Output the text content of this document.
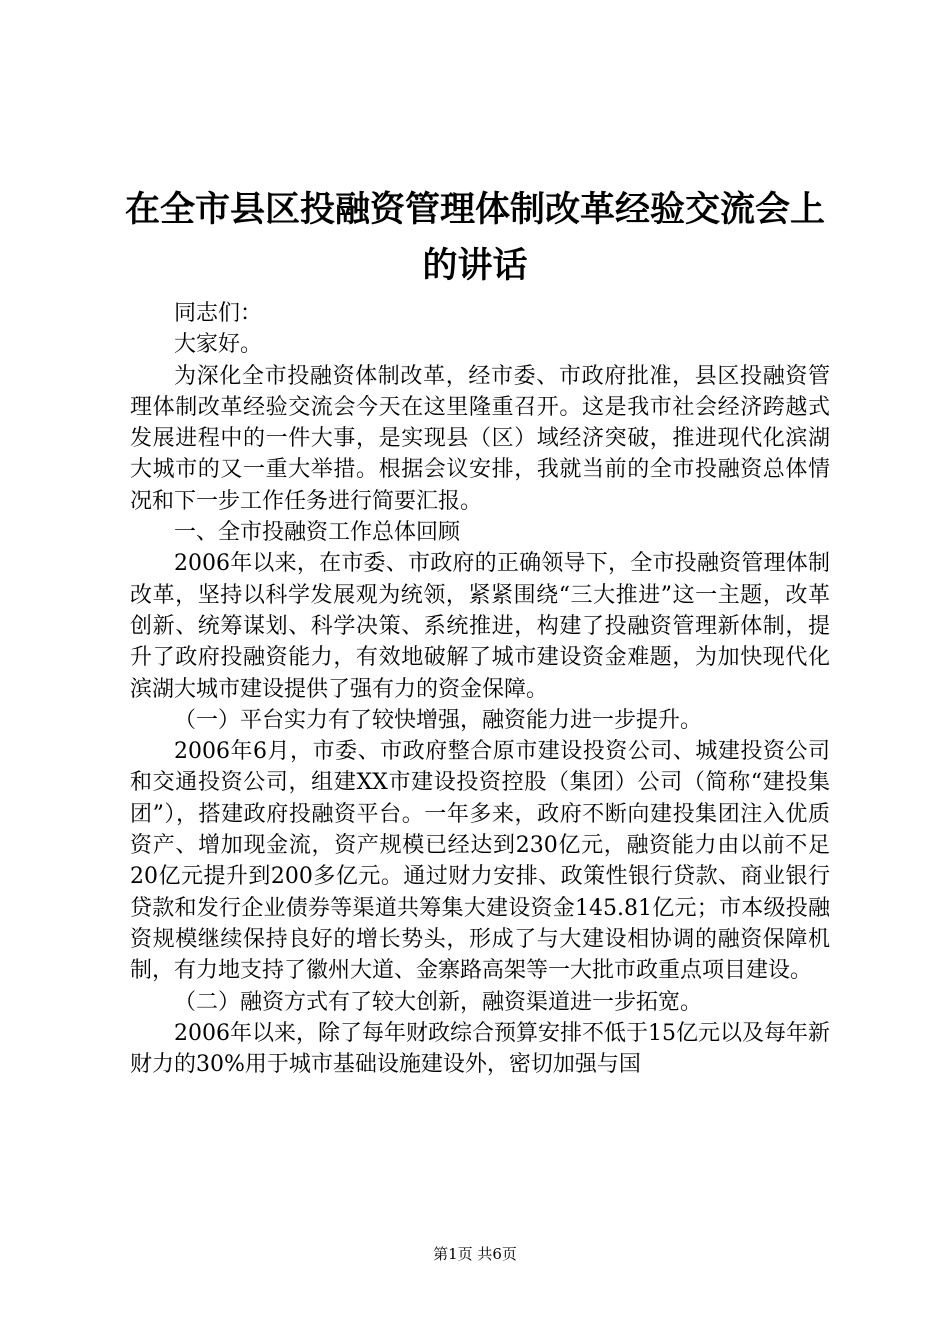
在全市县区投融资管理体制改革经验交流会上的讲话

同志们：

大家好。

为深化全市投融资体制改革，经市委、市政府批准，县区投融资管理体制改革经验交流会今天在这里隆重召开。这是我市社会经济跨越式发展进程中的一件大事，是实现县（区）域经济突破，推进现代化滨湖大城市的又一重大举措。根据会议安排，我就当前的全市投融资总体情况和下一步工作任务进行简要汇报。

一、全市投融资工作总体回顾

2006年以来，在市委、市政府的正确领导下，全市投融资管理体制改革，坚持以科学发展观为统领，紧紧围绕“三大推进”这一主题，改革创新、统筹谋划、科学决策、系统推进，构建了投融资管理新体制，提升了政府投融资能力，有效地破解了城市建设资金难题，为加快现代化滨湖大城市建设提供了强有力的资金保障。

（一）平台实力有了较快增强，融资能力进一步提升。

2006年6月，市委、市政府整合原市建设投资公司、城建投资公司和交通投资公司，组建XX市建设投资控股（集团）公司（简称“建投集团”），搭建政府投融资平台。一年多来，政府不断向建投集团注入优质资产、增加现金流，资产规模已经达到230亿元，融资能力由以前不足20亿元提升到200多亿元。通过财力安排、政策性银行贷款、商业银行贷款和发行企业债券等渠道共筹集大建设资金145.81亿元；市本级投融资规模继续保持良好的增长势头，形成了与大建设相协调的融资保障机制，有力地支持了徽州大道、金寨路高架等一大批市政重点项目建设。

（二）融资方式有了较大创新，融资渠道进一步拓宽。

2006年以来，除了每年财政综合预算安排不低于15亿元以及每年新财力的30%用于城市基础设施建设外，密切加强与国

第1页 共6页
